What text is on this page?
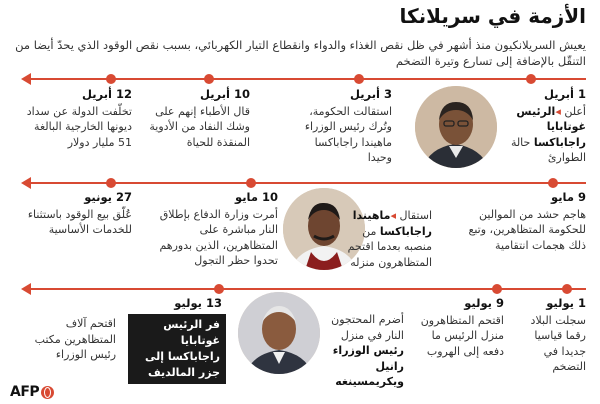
الأزمة في سريلانكا
يعيش السريلانكيون منذ أشهر في ظل نقص الغذاء والدواء وانقطاع التيار الكهربائي، بسبب نقص الوقود الذي يحدّ أيضا من التنقّل بالإضافة إلى تسارع وتيرة التضخم
1 أبريل
أعلن ◂الرئيس غوتابايا راجاباكسا حالة الطوارئ
3 أبريل
استقالت الحكومة، وتُرك رئيس الوزراء ماهيندا راجاباكسا وحيدا
10 أبريل
قال الأطباء إنهم على وشك النفاد من الأدوية المنقذة للحياة
12 أبريل
تخلّفت الدولة عن سداد ديونها الخارجية البالغة 51 مليار دولار
9 مايو
هاجم حشد من الموالين للحكومة المتظاهرين، وتبع ذلك هجمات انتقامية
استقال ◂ماهيندا راجاباكسا من منصبه بعدما اقتحم المتظاهرون منزله
10 مايو
أمرت وزارة الدفاع بإطلاق النار مباشرة على المتظاهرين، الذين بدورهم تحدوا حظر التجول
27 يونيو
عُلّق بيع الوقود باستثناء للخدمات الأساسية
1 يوليو
سجلت البلاد رقما قياسيا جديدا في التضخم
9 يوليو
اقتحم المتظاهرون منزل الرئيس ما دفعه إلى الهروب
أضرم المحتجون النار في منزل رئيس الوزراء رانيل ويكريمسينغه
13 يوليو
فر الرئيس غوتابايا راجاباكسا إلى جزر المالديف
اقتحم آلاف المتظاهرين مكتب رئيس الوزراء
AFP
